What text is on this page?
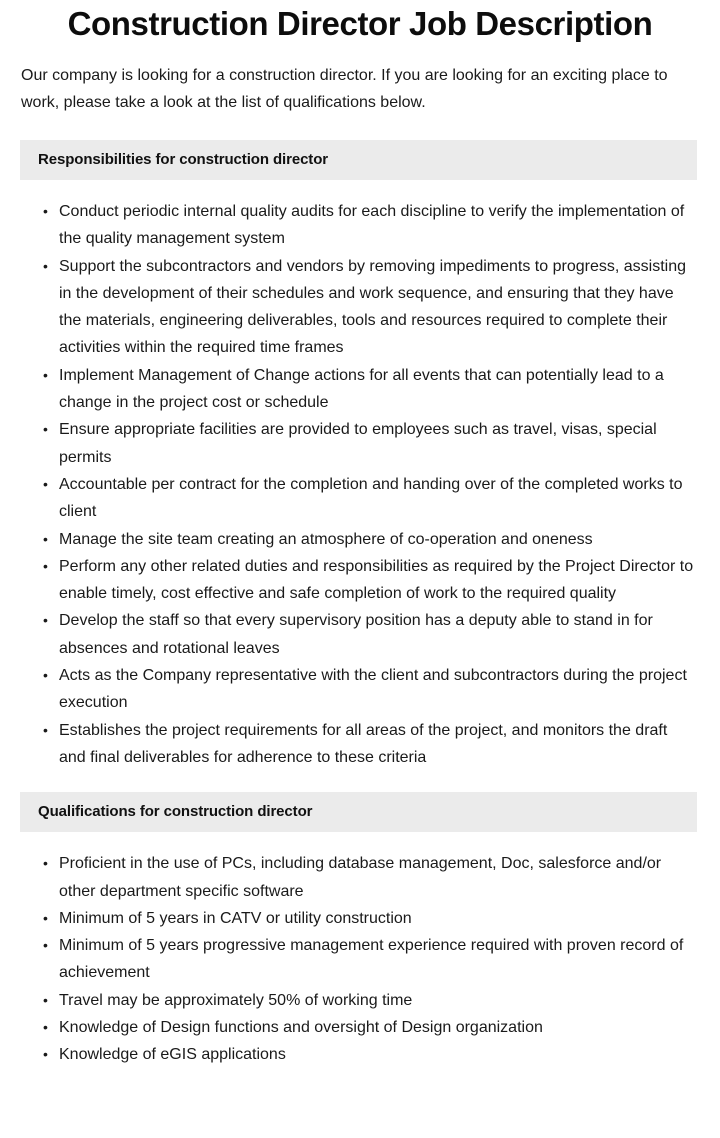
Construction Director Job Description

Our company is looking for a construction director. If you are looking for an exciting place to work, please take a look at the list of qualifications below.

Responsibilities for construction director
• Conduct periodic internal quality audits for each discipline to verify the implementation of the quality management system
• Support the subcontractors and vendors by removing impediments to progress, assisting in the development of their schedules and work sequence, and ensuring that they have the materials, engineering deliverables, tools and resources required to complete their activities within the required time frames
• Implement Management of Change actions for all events that can potentially lead to a change in the project cost or schedule
• Ensure appropriate facilities are provided to employees such as travel, visas, special permits
• Accountable per contract for the completion and handing over of the completed works to client
• Manage the site team creating an atmosphere of co-operation and oneness
• Perform any other related duties and responsibilities as required by the Project Director to enable timely, cost effective and safe completion of work to the required quality
• Develop the staff so that every supervisory position has a deputy able to stand in for absences and rotational leaves
• Acts as the Company representative with the client and subcontractors during the project execution
• Establishes the project requirements for all areas of the project, and monitors the draft and final deliverables for adherence to these criteria
Qualifications for construction director
• Proficient in the use of PCs, including database management, Doc, salesforce and/or other department specific software
• Minimum of 5 years in CATV or utility construction
• Minimum of 5 years progressive management experience required with proven record of achievement
• Travel may be approximately 50% of working time
• Knowledge of Design functions and oversight of Design organization
• Knowledge of eGIS applications
